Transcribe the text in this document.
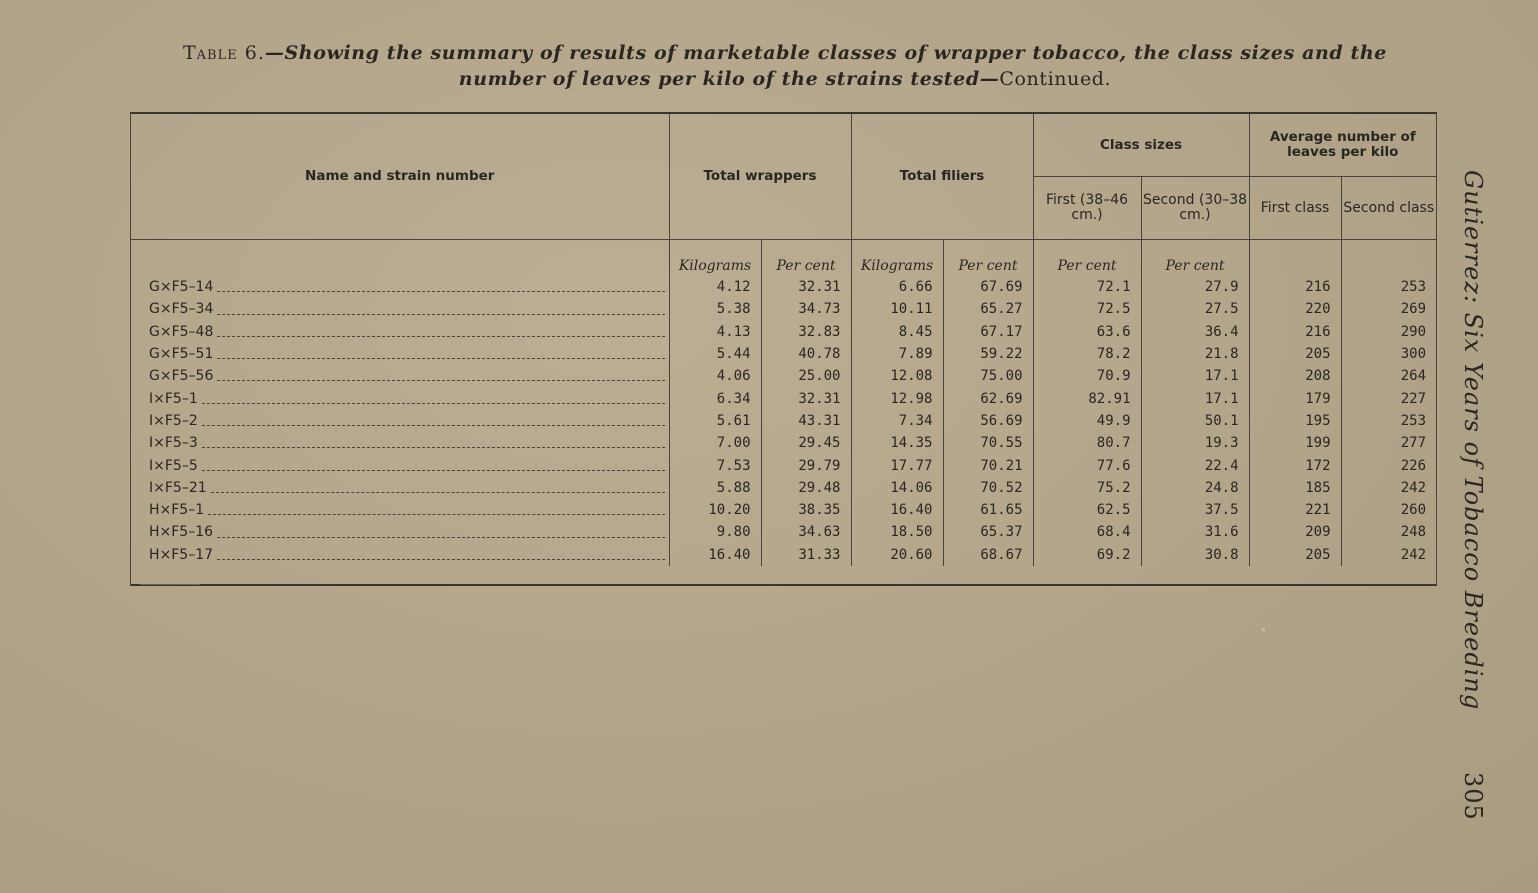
Table 6.—Showing the summary of results of marketable classes of wrapper tobacco, the class sizes and the number of leaves per kilo of the strains tested—Continued.
Name and strain number	Total wrappers		Total filiers		Class sizes		Average number of leaves per kilo	
					First (38–46 cm.)	Second (30–38 cm.)	First class	Second class
	Kilograms	Per cent	Kilograms	Per cent	Per cent	Per cent		
G×F5–14	4.12	32.31	6.66	67.69	72.1	27.9	216	253
G×F5–34	5.38	34.73	10.11	65.27	72.5	27.5	220	269
G×F5–48	4.13	32.83	8.45	67.17	63.6	36.4	216	290
G×F5–51	5.44	40.78	7.89	59.22	78.2	21.8	205	300
G×F5–56	4.06	25.00	12.08	75.00	70.9	17.1	208	264
I×F5–1	6.34	32.31	12.98	62.69	82.91	17.1	179	227
I×F5–2	5.61	43.31	7.34	56.69	49.9	50.1	195	253
I×F5–3	7.00	29.45	14.35	70.55	80.7	19.3	199	277
I×F5–5	7.53	29.79	17.77	70.21	77.6	22.4	172	226
I×F5–21	5.88	29.48	14.06	70.52	75.2	24.8	185	242
H×F5–1	10.20	38.35	16.40	61.65	62.5	37.5	221	260
H×F5–16	9.80	34.63	18.50	65.37	68.4	31.6	209	248
H×F5–17	16.40	31.33	20.60	68.67	69.2	30.8	205	242 Gutierrez: Six Years of Tobacco Breeding
305
